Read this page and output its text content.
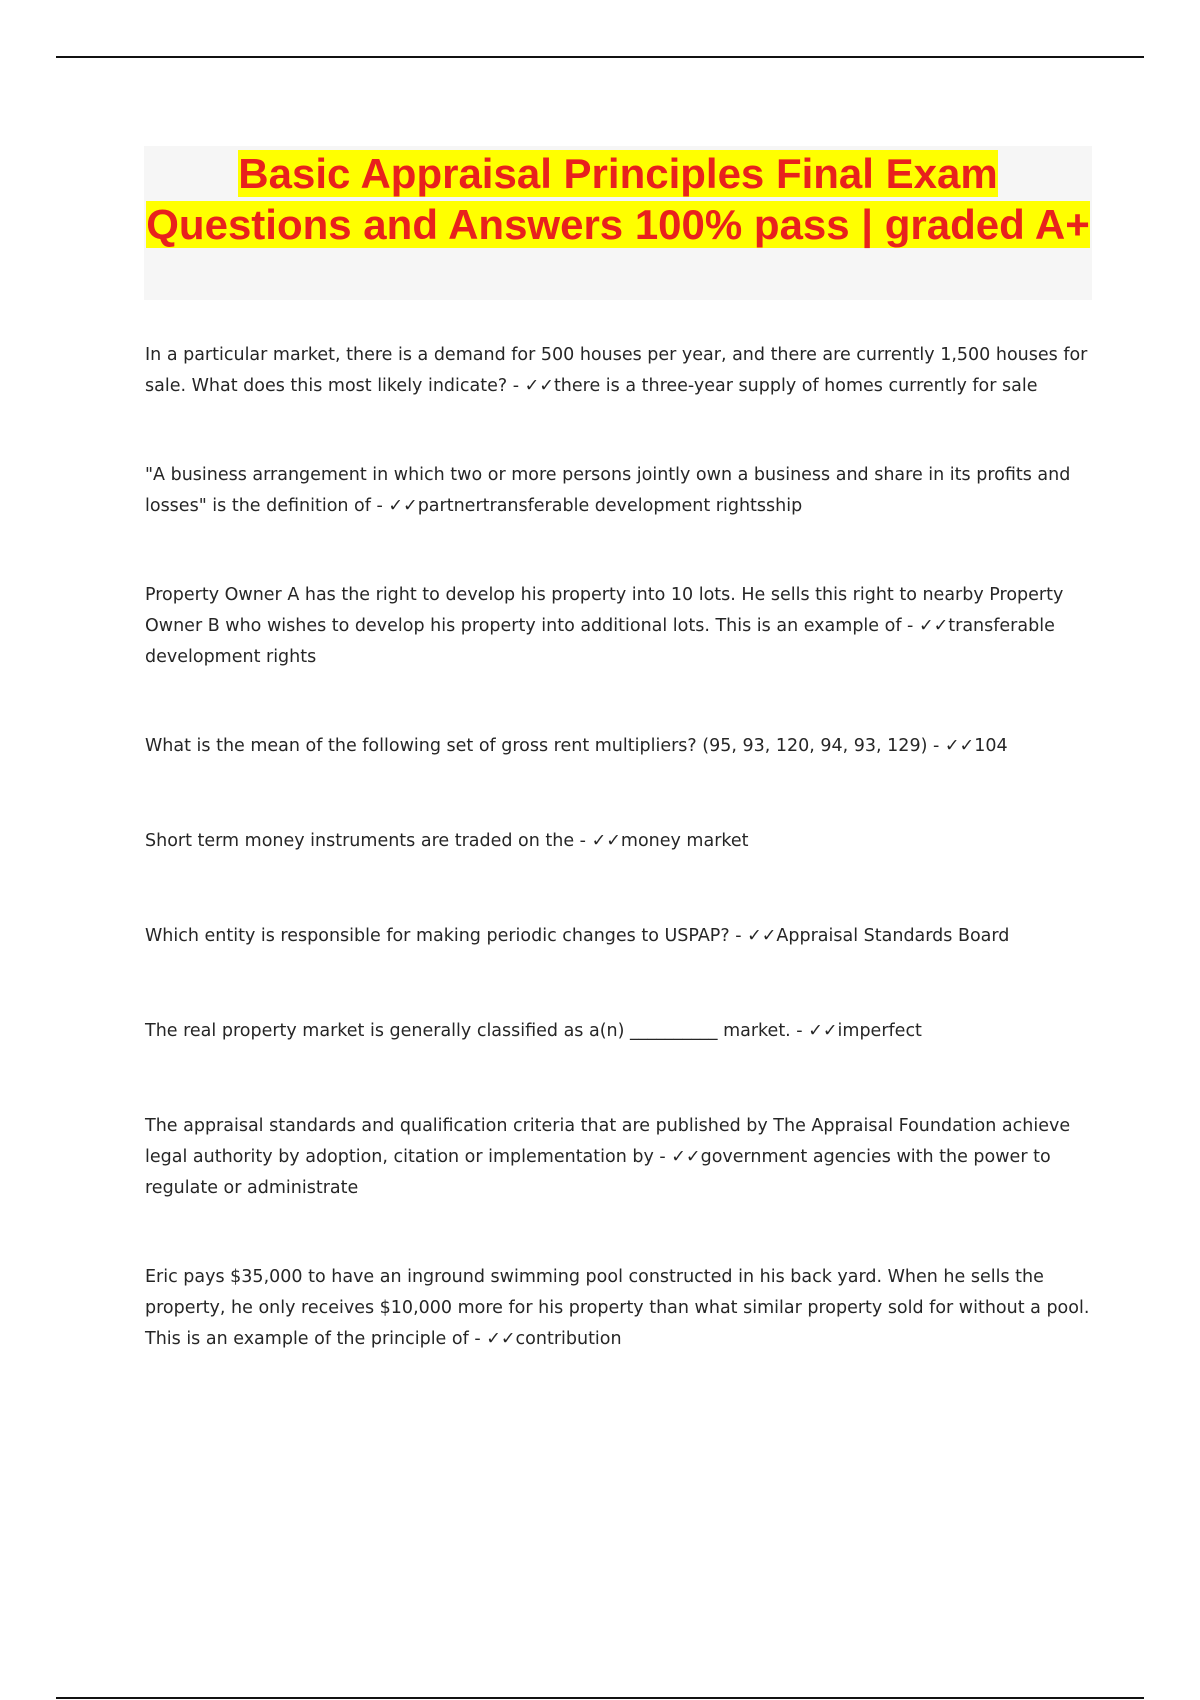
Basic Appraisal Principles Final Exam Questions and Answers 100% pass | graded A+
In a particular market, there is a demand for 500 houses per year, and there are currently 1,500 houses for sale. What does this most likely indicate? - ✓✓there is a three-year supply of homes currently for sale
"A business arrangement in which two or more persons jointly own a business and share in its profits and losses" is the definition of - ✓✓partnertransferable development rightsship
Property Owner A has the right to develop his property into 10 lots. He sells this right to nearby Property Owner B who wishes to develop his property into additional lots. This is an example of - ✓✓transferable development rights
What is the mean of the following set of gross rent multipliers? (95, 93, 120, 94, 93, 129) - ✓✓104
Short term money instruments are traded on the - ✓✓money market
Which entity is responsible for making periodic changes to USPAP? - ✓✓Appraisal Standards Board
The real property market is generally classified as a(n) __________ market. - ✓✓imperfect
The appraisal standards and qualification criteria that are published by The Appraisal Foundation achieve legal authority by adoption, citation or implementation by - ✓✓government agencies with the power to regulate or administrate
Eric pays $35,000 to have an inground swimming pool constructed in his back yard. When he sells the property, he only receives $10,000 more for his property than what similar property sold for without a pool. This is an example of the principle of - ✓✓contribution
